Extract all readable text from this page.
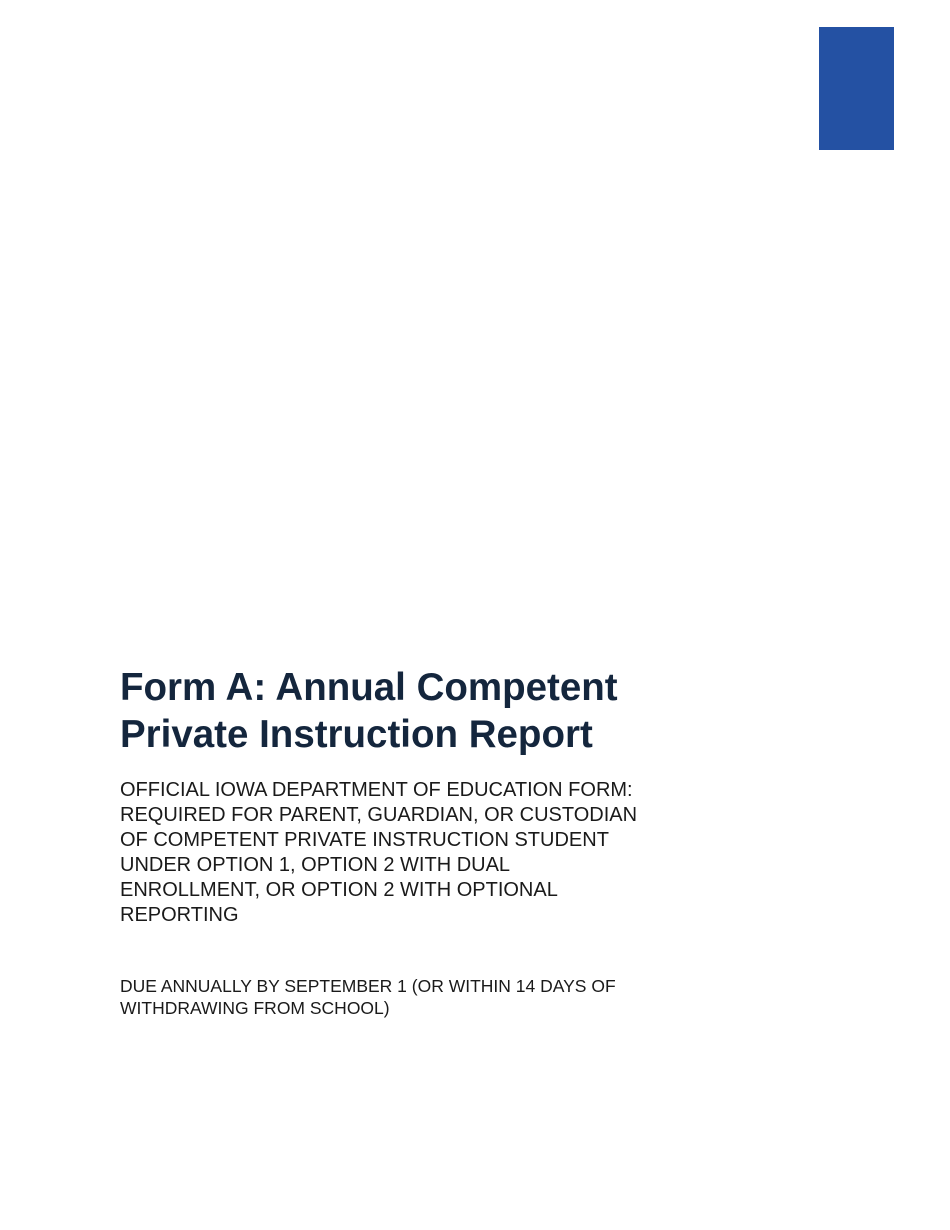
Form A: Annual Competent
Private Instruction Report

OFFICIAL IOWA DEPARTMENT OF EDUCATION FORM:
REQUIRED FOR PARENT, GUARDIAN, OR CUSTODIAN
OF COMPETENT PRIVATE INSTRUCTION STUDENT
UNDER OPTION 1, OPTION 2 WITH DUAL
ENROLLMENT, OR OPTION 2 WITH OPTIONAL
REPORTING

DUE ANNUALLY BY SEPTEMBER 1 (OR WITHIN 14 DAYS OF
WITHDRAWING FROM SCHOOL)
